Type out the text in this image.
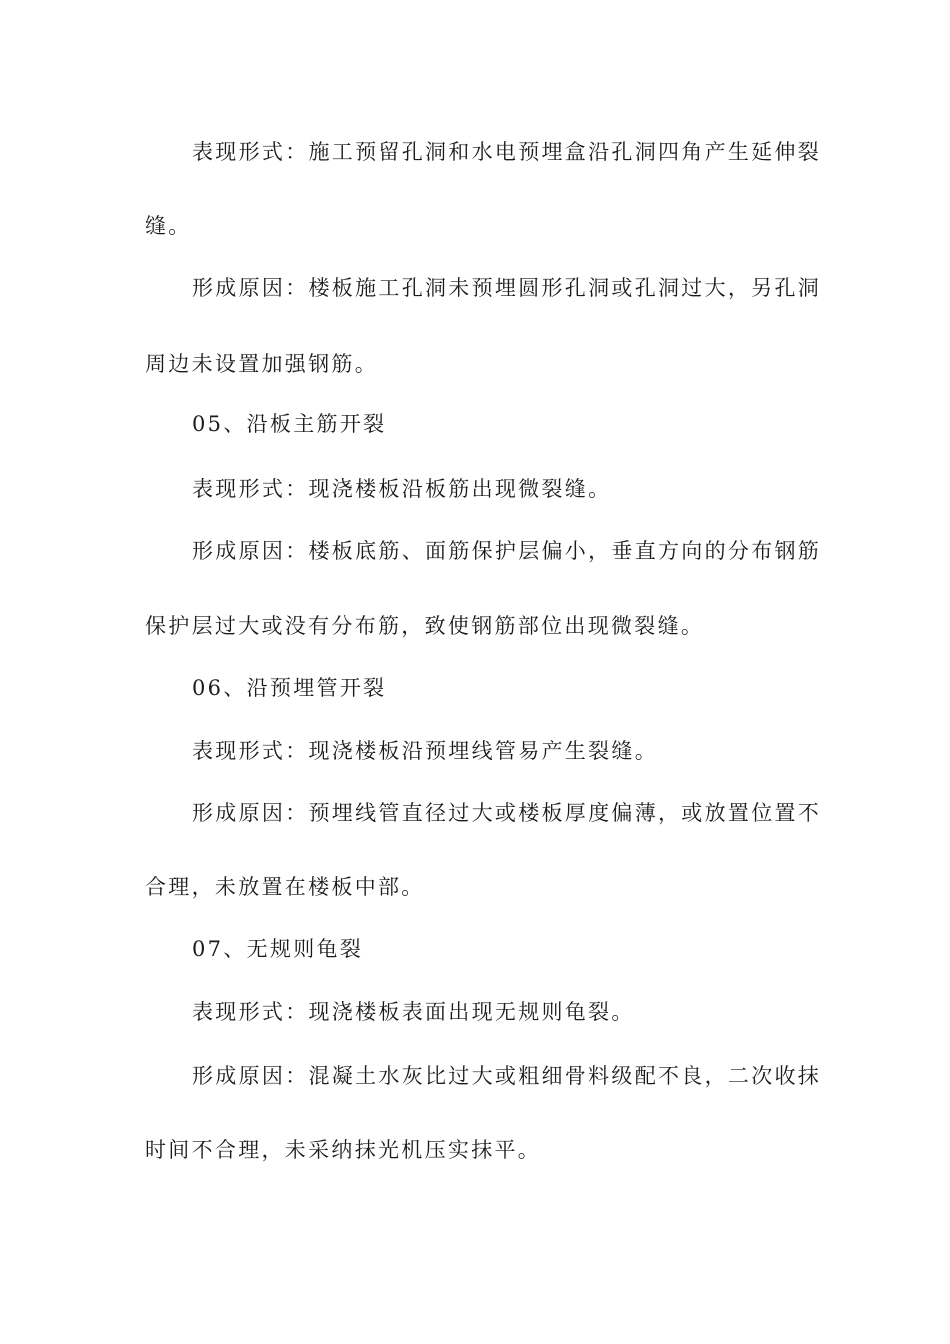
表现形式：施工预留孔洞和水电预埋盒沿孔洞四角产生延伸裂
缝。
形成原因：楼板施工孔洞未预埋圆形孔洞或孔洞过大，另孔洞
周边未设置加强钢筋。
05、沿板主筋开裂
表现形式：现浇楼板沿板筋出现微裂缝。
形成原因：楼板底筋、面筋保护层偏小，垂直方向的分布钢筋
保护层过大或没有分布筋，致使钢筋部位出现微裂缝。
06、沿预埋管开裂
表现形式：现浇楼板沿预埋线管易产生裂缝。
形成原因：预埋线管直径过大或楼板厚度偏薄，或放置位置不
合理，未放置在楼板中部。
07、无规则龟裂
表现形式：现浇楼板表面出现无规则龟裂。
形成原因：混凝土水灰比过大或粗细骨料级配不良，二次收抹
时间不合理，未采纳抹光机压实抹平。
